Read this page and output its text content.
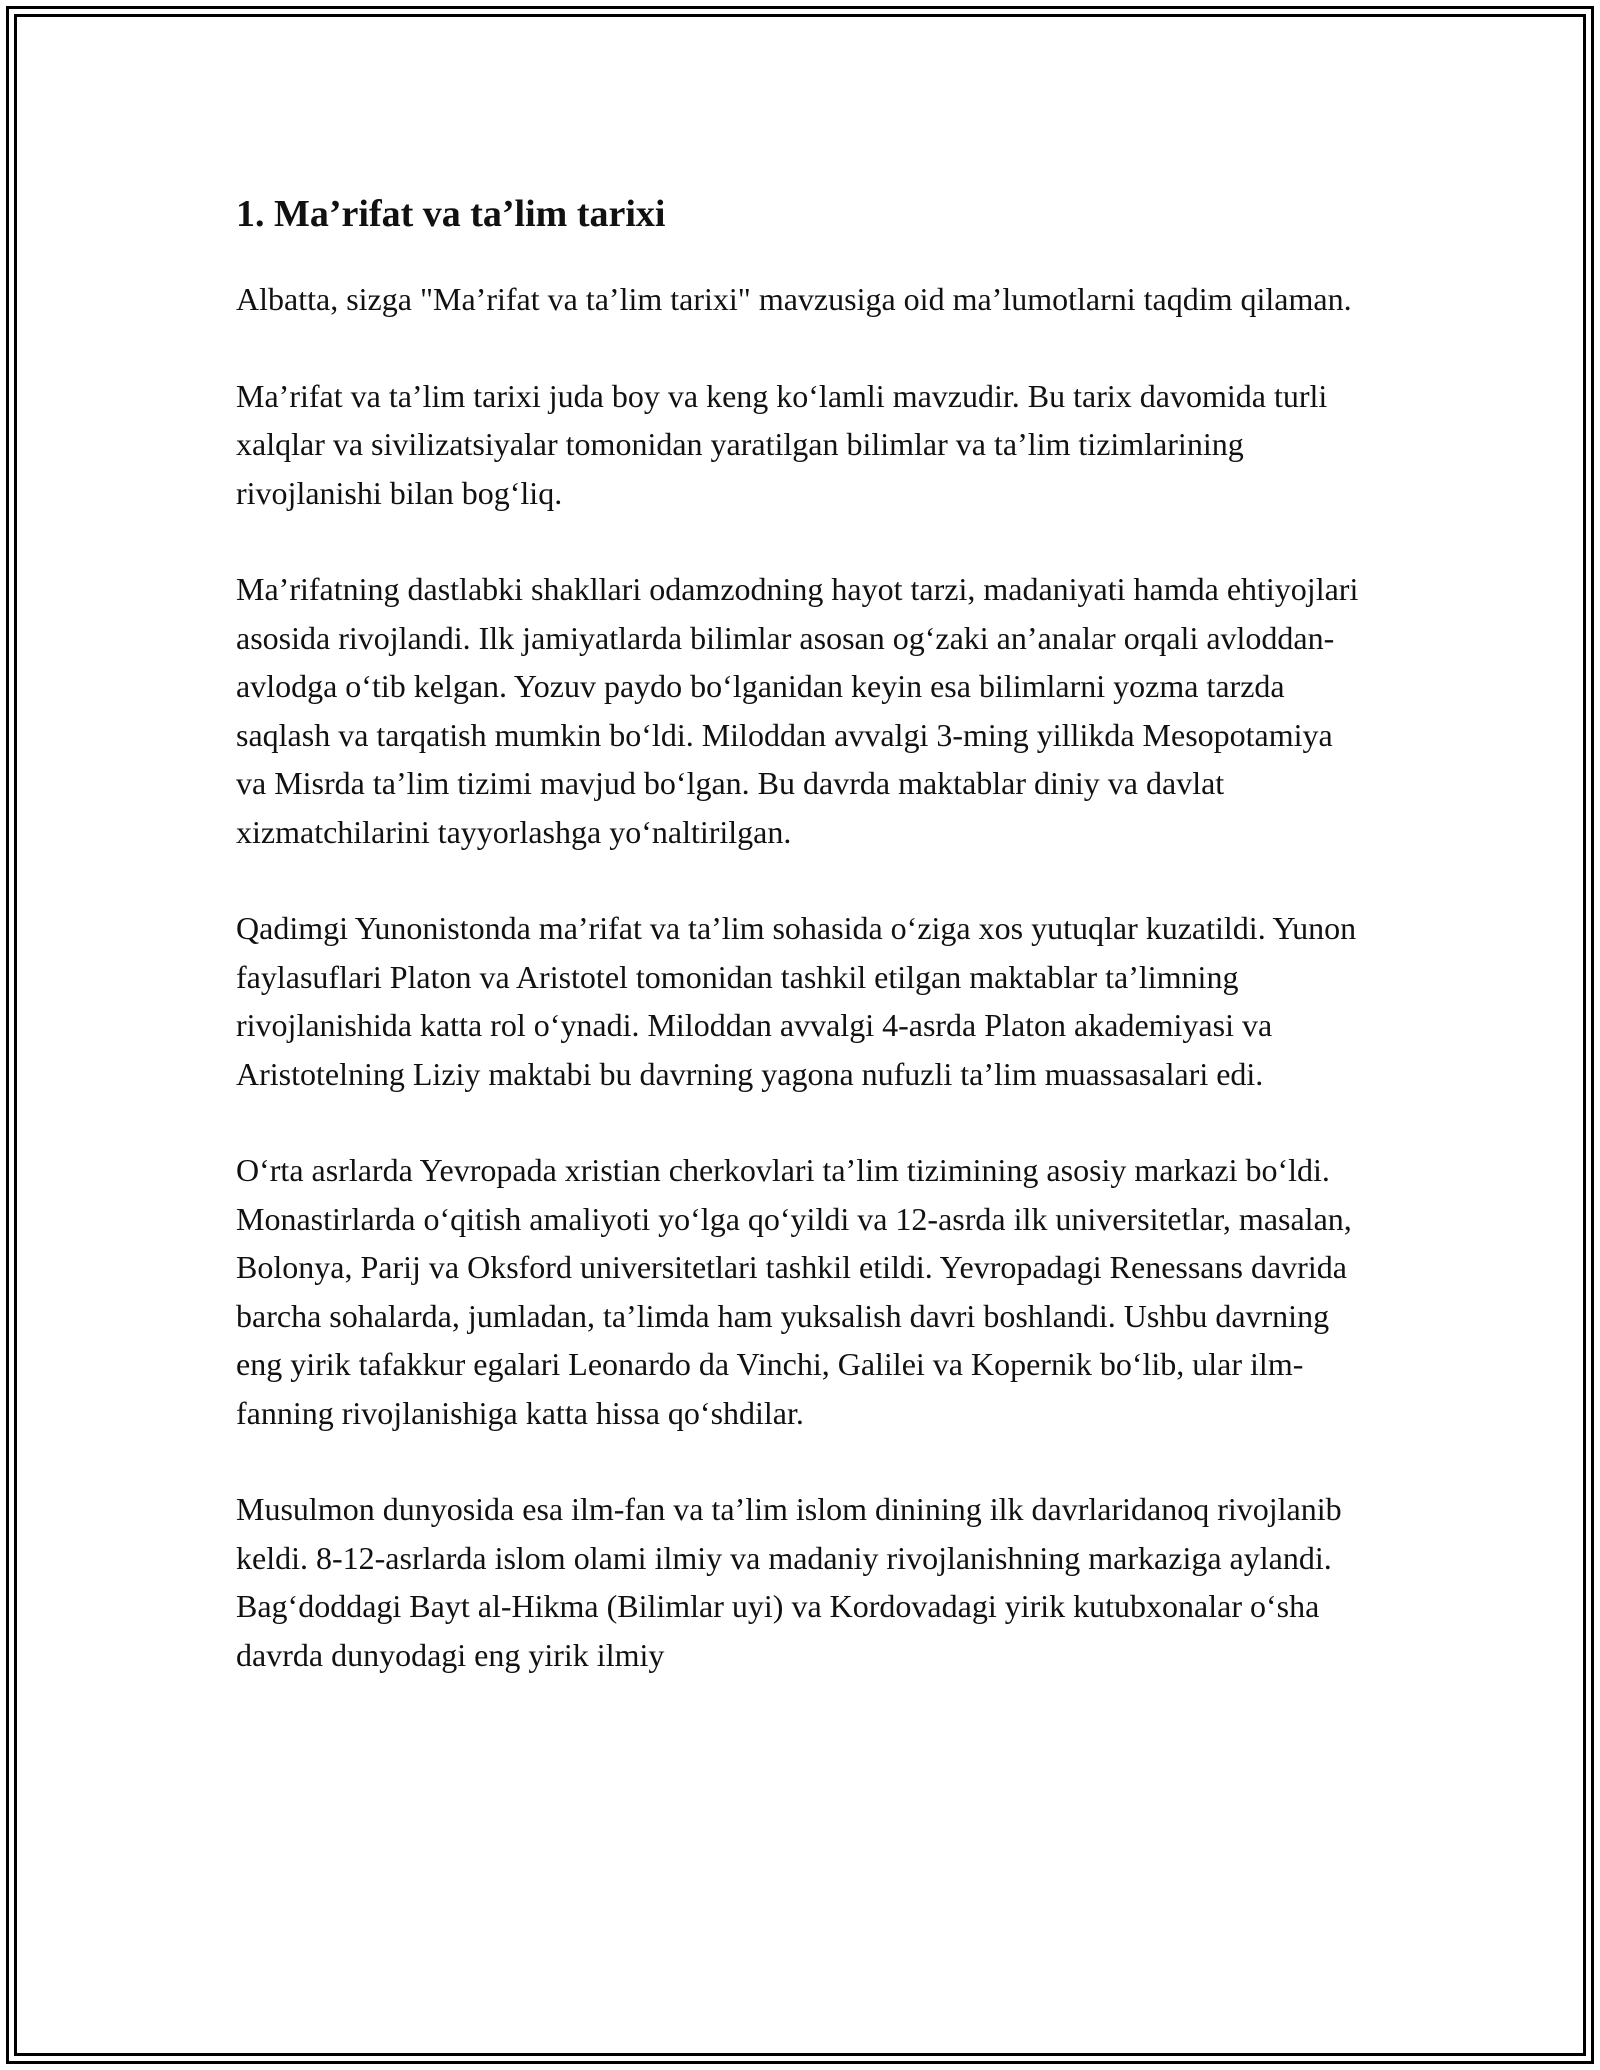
1. Ma’rifat va ta’lim tarixi

Albatta, sizga "Ma’rifat va ta’lim tarixi" mavzusiga oid ma’lumotlarni taqdim qilaman.

Ma’rifat va ta’lim tarixi juda boy va keng ko‘lamli mavzudir. Bu tarix davomida turli xalqlar va sivilizatsiyalar tomonidan yaratilgan bilimlar va ta’lim tizimlarining rivojlanishi bilan bog‘liq.

Ma’rifatning dastlabki shakllari odamzodning hayot tarzi, madaniyati hamda ehtiyojlari asosida rivojlandi. Ilk jamiyatlarda bilimlar asosan og‘zaki an’analar orqali avloddan-avlodga o‘tib kelgan. Yozuv paydo bo‘lganidan keyin esa bilimlarni yozma tarzda saqlash va tarqatish mumkin bo‘ldi. Miloddan avvalgi 3-ming yillikda Mesopotamiya va Misrda ta’lim tizimi mavjud bo‘lgan. Bu davrda maktablar diniy va davlat xizmatchilarini tayyorlashga yo‘naltirilgan.

Qadimgi Yunonistonda ma’rifat va ta’lim sohasida o‘ziga xos yutuqlar kuzatildi. Yunon faylasuflari Platon va Aristotel tomonidan tashkil etilgan maktablar ta’limning rivojlanishida katta rol o‘ynadi. Miloddan avvalgi 4-asrda Platon akademiyasi va Aristotelning Liziy maktabi bu davrning yagona nufuzli ta’lim muassasalari edi.

O‘rta asrlarda Yevropada xristian cherkovlari ta’lim tizimining asosiy markazi bo‘ldi. Monastirlarda o‘qitish amaliyoti yo‘lga qo‘yildi va 12-asrda ilk universitetlar, masalan, Bolonya, Parij va Oksford universitetlari tashkil etildi. Yevropadagi Renessans davrida barcha sohalarda, jumladan, ta’limda ham yuksalish davri boshlandi. Ushbu davrning eng yirik tafakkur egalari Leonardo da Vinchi, Galilei va Kopernik bo‘lib, ular ilm-fanning rivojlanishiga katta hissa qo‘shdilar.

Musulmon dunyosida esa ilm-fan va ta’lim islom dinining ilk davrlaridanoq rivojlanib keldi. 8-12-asrlarda islom olami ilmiy va madaniy rivojlanishning markaziga aylandi. Bag‘doddagi Bayt al-Hikma (Bilimlar uyi) va Kordovadagi yirik kutubxonalar o‘sha davrda dunyodagi eng yirik ilmiy
